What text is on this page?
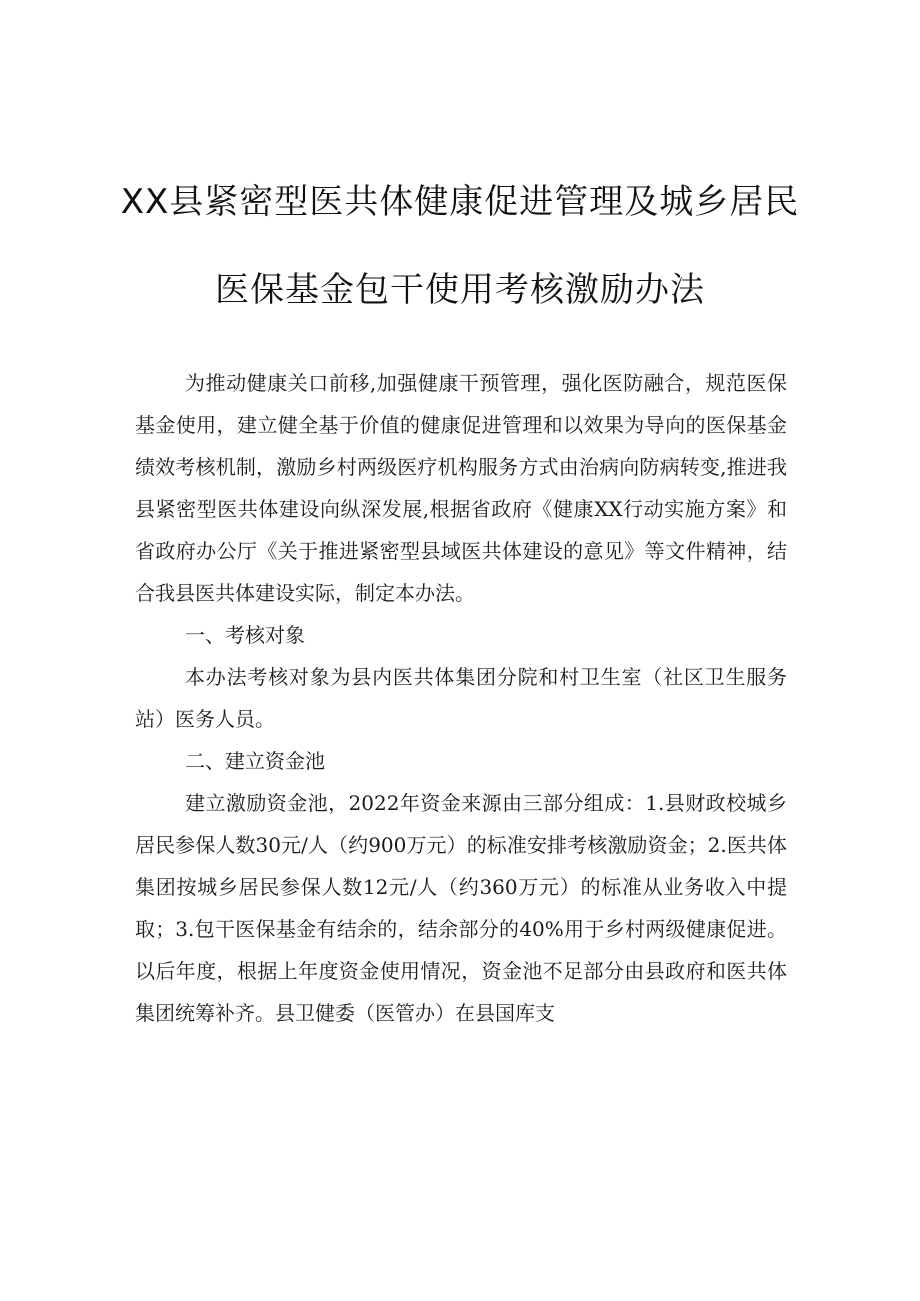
XX县紧密型医共体健康促进管理及城乡居民
医保基金包干使用考核激励办法

为推动健康关口前移,加强健康干预管理，强化医防融合，规范医保基金使用，建立健全基于价值的健康促进管理和以效果为导向的医保基金绩效考核机制，激励乡村两级医疗机构服务方式由治病向防病转变,推进我县紧密型医共体建设向纵深发展,根据省政府《健康XX行动实施方案》和省政府办公厅《关于推进紧密型县域医共体建设的意见》等文件精神，结合我县医共体建设实际，制定本办法。

一、考核对象

本办法考核对象为县内医共体集团分院和村卫生室（社区卫生服务站）医务人员。

二、建立资金池

建立激励资金池，2022年资金来源由三部分组成：1.县财政校城乡居民参保人数30元/人（约900万元）的标准安排考核激励资金；2.医共体集团按城乡居民参保人数12元/人（约360万元）的标准从业务收入中提取；3.包干医保基金有结余的，结余部分的40%用于乡村两级健康促进。以后年度，根据上年度资金使用情况，资金池不足部分由县政府和医共体集团统筹补齐。县卫健委（医管办）在县国库支
